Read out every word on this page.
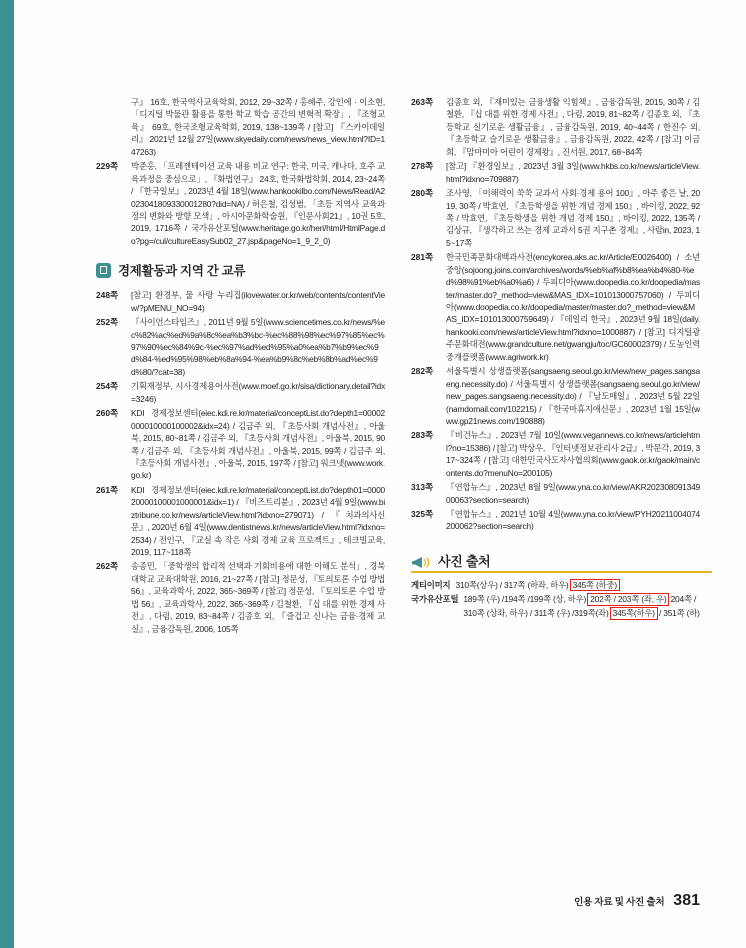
구』 16호, 한국역사교육학회, 2012, 29~32쪽 / 홍혜주, 강인에 · 이소현, 「디지털 박물관 활용을 통한 학교 학습 공간의 변혁적 확장」, 『조형교육』 69호, 한국조형교육학회, 2019, 138~139쪽 / [참고] 『스카이데일리』 2021년 12월 27일(www.skyedaily.com/news/news_view.html?ID=147263)
229쪽	박준홍, 「프레젠테이션 교육 내용 비교 연구: 한국, 미국, 캐나다, 호주 교육과정을 중심으로」, 『화법연구』 24호, 한국화법학회, 2014, 23~24쪽 / 『한국일보』, 2023년 4월 18일(www.hankookilbo.com/News/Read/A2023041809330001280?did=NA) / 허은철, 김성범, 「초등 지역사 교육과정의 변화와 방향 모색」, 아시아문화학술원, 『인문사회21』, 10권 5호, 2019, 1716쪽 / 국가유산포털(www.heritage.go.kr/heri/html/HtmlPage.do?pg=/cul/cultureEasySub02_27.jsp&pageNo=1_9_2_0)
경제활동과 지역 간 교류
248쪽	[참고] 환경부, 물 사랑 누리집(ilovewater.or.kr/web/contents/contentView/?pMENU_NO=94)
252쪽	『사이언스타임즈』, 2011년 9월 5일(www.sciencetimes.co.kr/news/%ec%82%ac%ed%9a%8c%ea%b3%bc-%ec%88%98%ec%97%85%ec%97%90%ec%84%9c-%ec%97%ad%ed%95%a0%ea%b7%b9%ec%9d%84-%ed%95%98%eb%8a%94-%ea%b9%8c%eb%8b%ad%ec%9d%80/?cat=38)
254쪽	기획재정부, 시사경제용어사전(www.moef.go.kr/sisa/dictionary.detail?idx=3246)
260쪽	KDI 경제정보센터(eiec.kdi.re.kr/material/conceptList.do?depth1=00002000010000100002&idx=24) / 김금주 외, 『초등사회 개념사전』, 아울북, 2015, 80~81쪽 / 김금주 외, 『초등사회 개념사전』, 아울북, 2015, 90쪽 / 김금주 외, 『초등사회 개념사전』, 아울북, 2015, 99쪽 / 김금주 외, 『초등사회 개념사전』, 아울북, 2015, 197쪽 / [참고] 워크넷(www.work.go.kr)
261쪽	KDI 경제정보센터(eiec.kdi.re.kr/material/conceptList.do?depth01=000020000100001000001&idx=1) / 『비즈트리뷴』, 2023년 4월 9일(www.biztribune.co.kr/news/articleView.html?idxno=279071) / 『치과의사신문』, 2020년 6월 4일(www.dentistnews.kr/news/articleView.html?idxno=2534) / 전인구, 『교실 속 작은 사회 경제 교육 프로젝트』, 테크빌교육, 2019, 117~118쪽
262쪽	송종민, 「중학생의 합리적 선택과 기회비용에 대한 이해도 분석」, 경북대학교 교육대학원, 2016, 21~27쪽 / [참고] 정문성, 『토의토론 수업 방법 56』, 교육과학사, 2022, 365~369쪽 / [참고] 정문성, 『토의토론 수업 방법 56』, 교육과학사, 2022, 365~369쪽 / 김철환, 『십 대를 위한 경제 사전』, 다림, 2019, 83~84쪽 / 김종호 외, 『즐겁고 신나는 금융·경제 교실』, 금융감독원, 2006, 105쪽
263쪽	김종호 외, 『재미있는 금융생활 익힘책』, 금융감독원, 2015, 30쪽 / 김철환, 『십 대를 위한 경제 사전』, 다림, 2019, 81~82쪽 / 김종호 외, 『초등학교 실기로운 생활금융』, 금융감독원, 2019, 40~44쪽 / 한진수 외, 『초등학교 슬기로운 생활금융』, 금융감독원, 2022, 42쪽 / [참고] 이금희, 『맘마미아 어린이 경제왕』, 진서원, 2017, 68~84쪽
278쪽	[참고] 『환경일보』, 2023년 3월 3일(www.hkbs.co.kr/news/articleView.html?idxno=709887)
280쪽	조사영, 「이해력이 쑥쑥 교과서 사회·경제 용어 100』, 아주 좋은 날, 2019, 30쪽 / 박효연, 『초등학생을 위한 개념 경제 150』, 바이킹, 2022, 92쪽 / 박효연, 『초등학생을 위한 개념 경제 150』, 바이킹, 2022, 135쪽 / 김상규, 『생각하고 쓰는 경제 교과서 5권 지구촌 경제』, 사람in, 2023, 15~17쪽
281쪽	한국민족문화대백과사전(encykorea.aks.ac.kr/Article/E0026400) / 소년중앙(sojoong.joins.com/archives/words/%eb%af%b8%ea%b4%80-%ed%98%91%eb%a0%a6) / 두피디아(www.doopedia.co.kr/doopedia/master/master.do?_method=view&MAS_IDX=101013000757060) / 두피디아(www.doopedia.co.kr/doopedia/master/master.do?_method=view&MAS_IDX=101013000759649) / 『데일리 한국』, 2023년 9월 18일(daily.hankooki.com/news/articleView.html?idxno=1000887) / [참고] 디지털광주문화대전(www.grandculture.net/gwangju/toc/GC60002379) / 도농인력중개플랫폼(www.agriwork.kr)
282쪽	서울특별시 상생플랫폼(sangsaeng.seoul.go.kr/view/new_pages.sangsaeng.necessity.do) / 서울특별시 상생플랫폼(sangsaeng.seoul.go.kr/view/new_pages.sangsaeng.necessity.do) / 『남도매일』, 2023년 5월 22일(namdomail.com/102215) / 『한국마휴지애신문』, 2023년 1월 15일(www.gp21news.com/190888)
283쪽	『비건뉴스』, 2023년 7월 10일(www.vegannews.co.kr/news/articlehtml?no=15386) / [참고] 박상우, 『인터넷정보관리사 2급』, 박문각, 2019, 317~324쪽 / [참고] 대한민국사도자사협의회(www.gaok.or.kr/gaok/main/contents.do?menuNo=200105)
313쪽	『연합뉴스』, 2023년 8월 9일(www.yna.co.kr/view/AKR20230809134900063?section=search)
325쪽	『연합뉴스』, 2021년 10월 4일(www.yna.co.kr/view/PYH20211004074200062?section=search)
사진 출처
게티이미지 310쪽(상우) / 317쪽 (하좌, 하우) 345쪽 (하중)
국가유산포털 189쪽 (우) /194쪽 /199쪽 (상, 하우) 202쪽 / 203쪽 (좌, 우) 204쪽 / 310쪽 (상좌, 하우) / 311쪽 (우) /319쪽(좌) 345쪽(하우) / 351쪽 (하)
인용 자료 및 사진 출처 381
